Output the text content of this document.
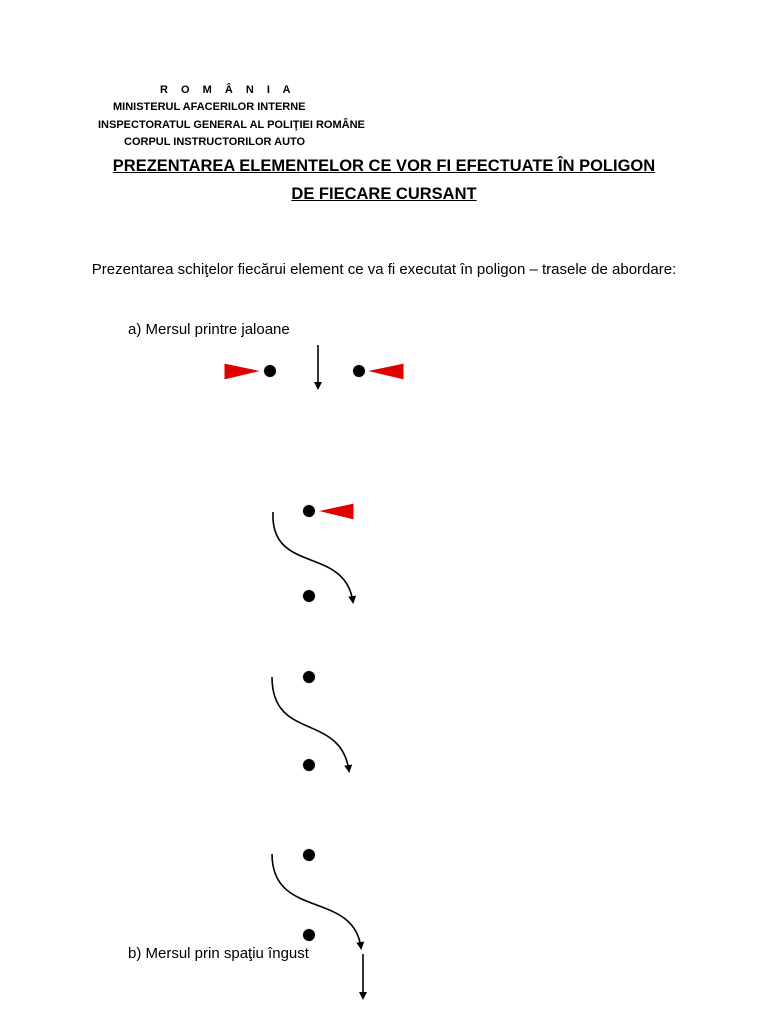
R O M Â N I A
MINISTERUL AFACERILOR INTERNE
INSPECTORATUL GENERAL AL POLIŢIEI ROMÂNE
CORPUL INSTRUCTORILOR AUTO
PREZENTAREA ELEMENTELOR CE VOR FI EFECTUATE ÎN POLIGON
DE FIECARE CURSANT
Prezentarea schiţelor fiecărui element ce va fi executat în poligon – trasele de abordare:
a) Mersul printre jaloane
b) Mersul prin spaţiu îngust
